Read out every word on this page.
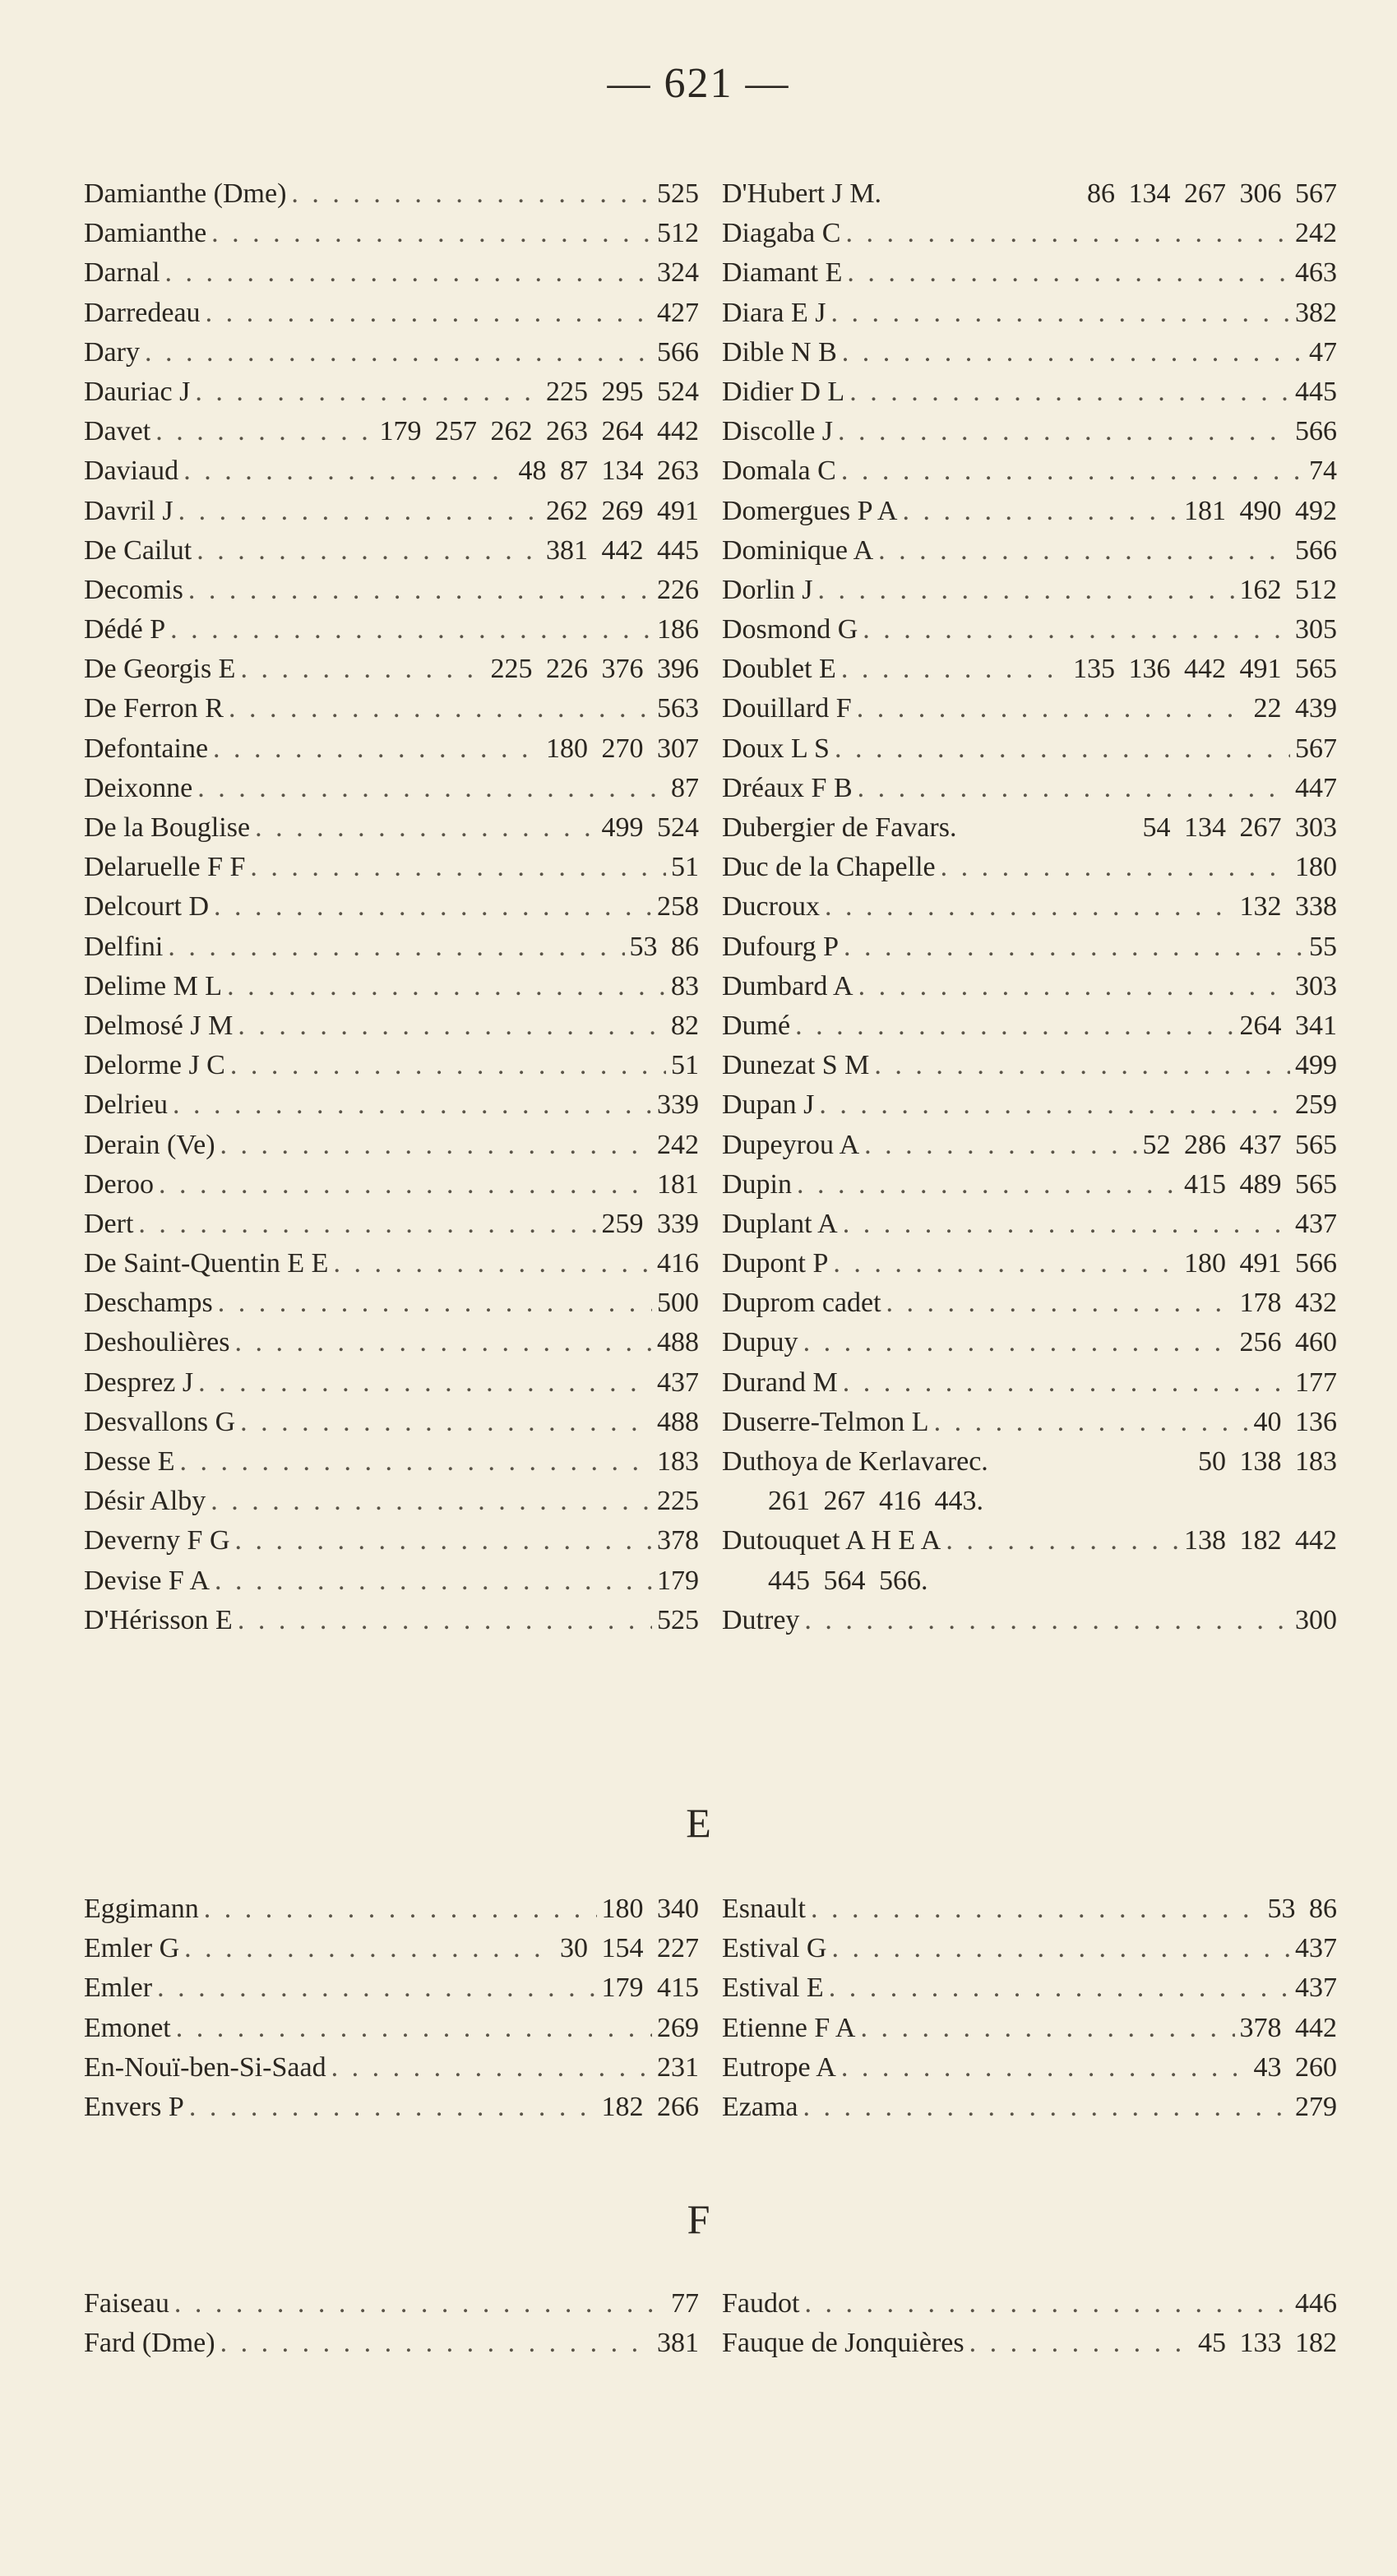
— 621 —
Damianthe (Dme) . . .	525
Damianthe . . .	512
Darnal . . .	324
Darredeau . . .	427
Dary . . .	566
Dauriac J . . .	225 295 524
Davet . . .	179 257 262 263 264 442
Daviaud . . .	48 87 134 263
Davril J . . .	262 269 491
De Cailut . . .	381 442 445
Decomis . . .	226
Dédé P . . .	186
De Georgis E . . .	225 226 376 396
De Ferron R . . .	563
Defontaine . . .	180 270 307
Deixonne . . .	87
De la Bouglise . . .	499 524
Delaruelle F F . . .	51
Delcourt D . . .	258
Delfini . . .	53 86
Delime M L . . .	83
Delmosé J M . . .	82
Delorme J C . . .	51
Delrieu . . .	339
Derain (Ve) . . .	242
Deroo . . .	181
Dert . . .	259 339
De Saint-Quentin E E . . .	416
Deschamps . . .	500
Deshoulières . . .	488
Desprez J . . .	437
Desvallons G . . .	488
Desse E . . .	183
Désir Alby . . .	225
Deverny F G . . .	378
Devise F A . . .	179
D'Hérisson E . . .	525
D'Hubert J M.	86 134 267 306 567
Diagaba C . . .	242
Diamant E . . .	463
Diara E J . . .	382
Dible N B . . .	47
Didier D L . . .	445
Discolle J . . .	566
Domala C . . .	74
Domergues P A . . .	181 490 492
Dominique A . . .	566
Dorlin J . . .	162 512
Dosmond G . . .	305
Doublet E . . .	135 136 442 491 565
Douillard F . . .	22 439
Doux L S . . .	567
Dréaux F B . . .	447
Dubergier de Favars.	54 134 267 303
Duc de la Chapelle . . .	180
Ducroux . . .	132 338
Dufourg P . . .	55
Dumbard A . . .	303
Dumé . . .	264 341
Dunezat S M . . .	499
Dupan J . . .	259
Dupeyrou A . . .	52 286 437 565
Dupin . . .	415 489 565
Duplant A . . .	437
Dupont P . . .	180 491 566
Duprom cadet . . .	178 432
Dupuy . . .	256 460
Durand M . . .	177
Duserre-Telmon L . . .	40 136
Duthoya de Kerlavarec.	50 138 183
261 267 416 443.
Dutouquet A H E A . . .	138 182 442
445 564 566.
Dutrey . . .	300
E
Eggimann . . .	180 340
Emler G . . .	30 154 227
Emler . . .	179 415
Emonet . . .	269
En-Nouï-ben-Si-Saad . . .	231
Envers P . . .	182 266
Esnault . . .	53 86
Estival G . . .	437
Estival E . . .	437
Etienne F A . . .	378 442
Eutrope A . . .	43 260
Ezama . . .	279
F
Faiseau . . .	77
Fard (Dme) . . .	381
Faudot . . .	446
Fauque de Jonquières . . .	45 133 182
